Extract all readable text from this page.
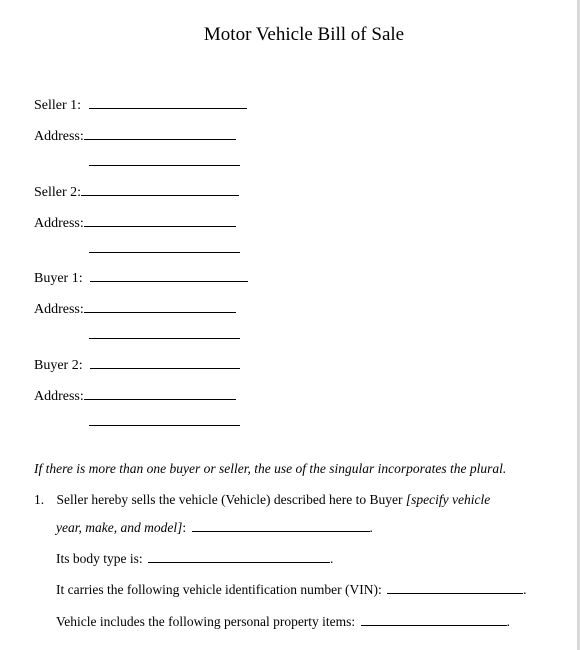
Motor Vehicle Bill of Sale
Seller 1:
Address:
Seller 2:
Address:
Buyer 1:
Address:
Buyer 2:
Address:
If there is more than one buyer or seller, the use of the singular incorporates the plural.
1. Seller hereby sells the vehicle (Vehicle) described here to Buyer [specify vehicle
year, make, and model]:	.
Its body type is:	.
It carries the following vehicle identification number (VIN):	.
Vehicle includes the following personal property items:	.
